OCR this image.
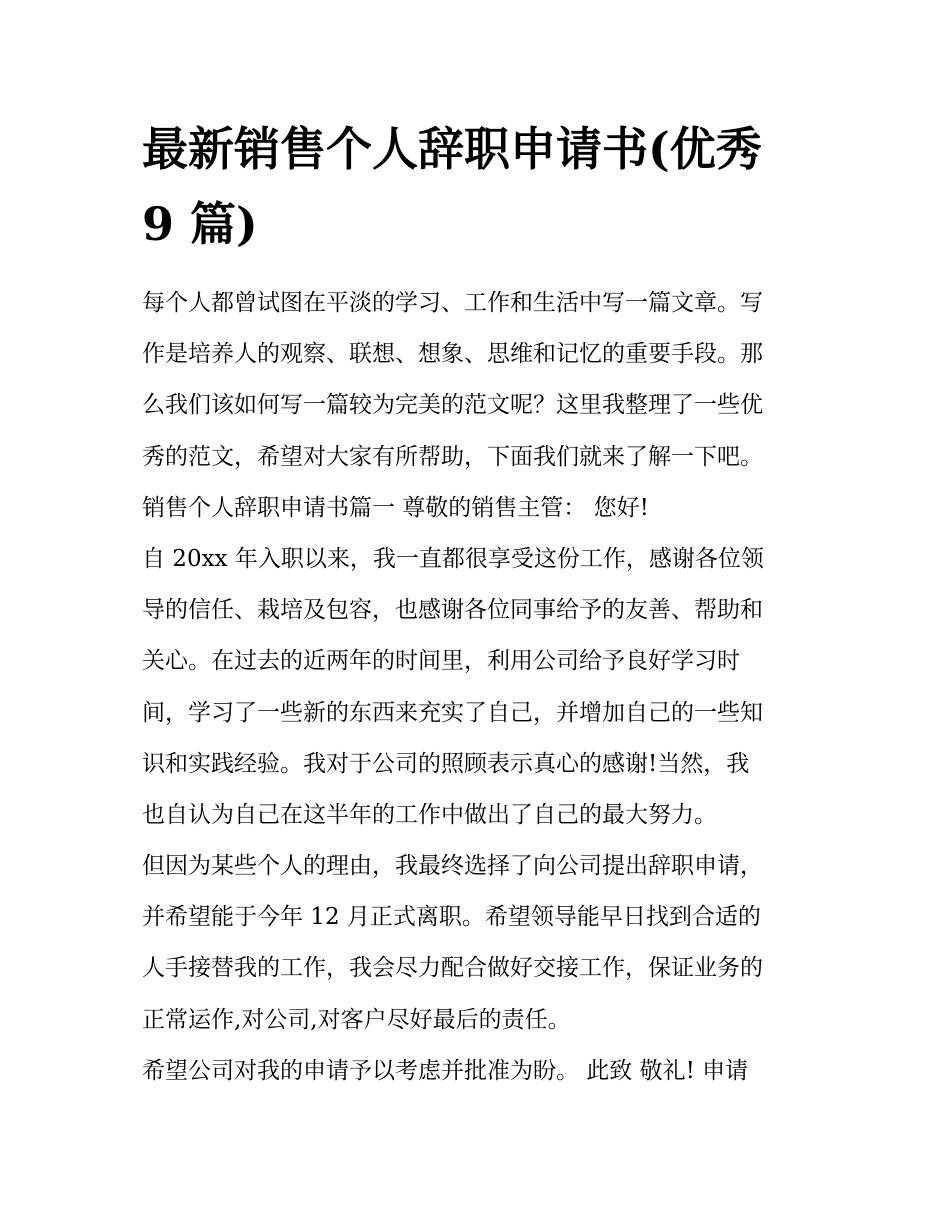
最新销售个人辞职申请书(优秀
9 篇)
每个人都曾试图在平淡的学习、工作和生活中写一篇文章。写
作是培养人的观察、联想、想象、思维和记忆的重要手段。那
么我们该如何写一篇较为完美的范文呢？这里我整理了一些优
秀的范文，希望对大家有所帮助，下面我们就来了解一下吧。
销售个人辞职申请书篇一 尊敬的销售主管： 您好!
自 20xx 年入职以来，我一直都很享受这份工作，感谢各位领
导的信任、栽培及包容，也感谢各位同事给予的友善、帮助和
关心。在过去的近两年的时间里，利用公司给予良好学习时
间，学习了一些新的东西来充实了自己，并增加自己的一些知
识和实践经验。我对于公司的照顾表示真心的感谢!当然，我
也自认为自己在这半年的工作中做出了自己的最大努力。
但因为某些个人的理由，我最终选择了向公司提出辞职申请，
并希望能于今年 12 月正式离职。希望领导能早日找到合适的
人手接替我的工作，我会尽力配合做好交接工作，保证业务的
正常运作,对公司,对客户尽好最后的责任。
希望公司对我的申请予以考虑并批准为盼。 此致 敬礼! 申请
